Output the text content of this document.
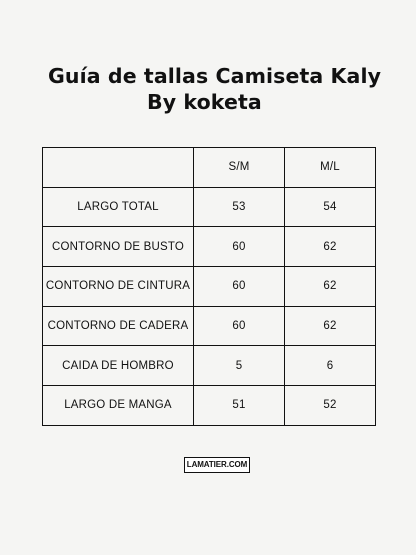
Guía de tallas Camiseta Kaly
By koketa
	S/M	M/L
LARGO TOTAL	53	54
CONTORNO DE BUSTO	60	62
CONTORNO DE CINTURA	60	62
CONTORNO DE CADERA	60	62
CAIDA DE HOMBRO	5	6
LARGO DE MANGA	51	52
LAMATIER.COM
